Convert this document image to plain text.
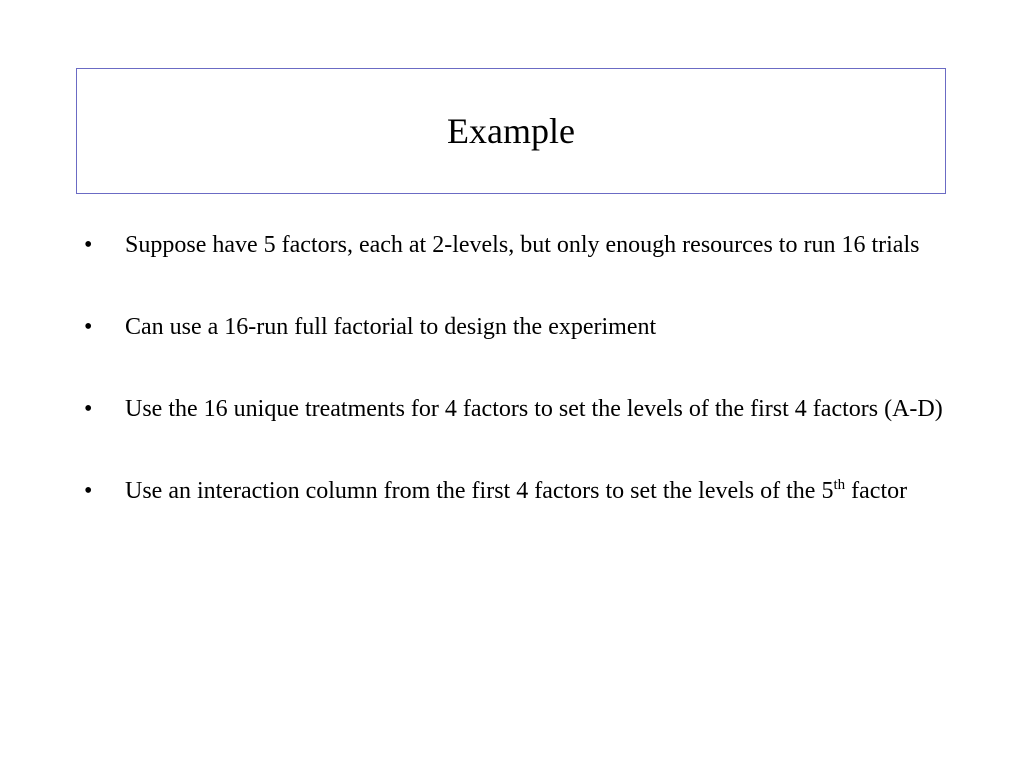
Example
•	Suppose have 5 factors, each at 2-levels, but only enough resources to run 16 trials
•	Can use a 16-run full factorial to design the experiment
•	Use the 16 unique treatments for 4 factors to set the levels of the first 4 factors (A-D)
•	Use an interaction column from the first 4 factors to set the levels of the 5th factor
